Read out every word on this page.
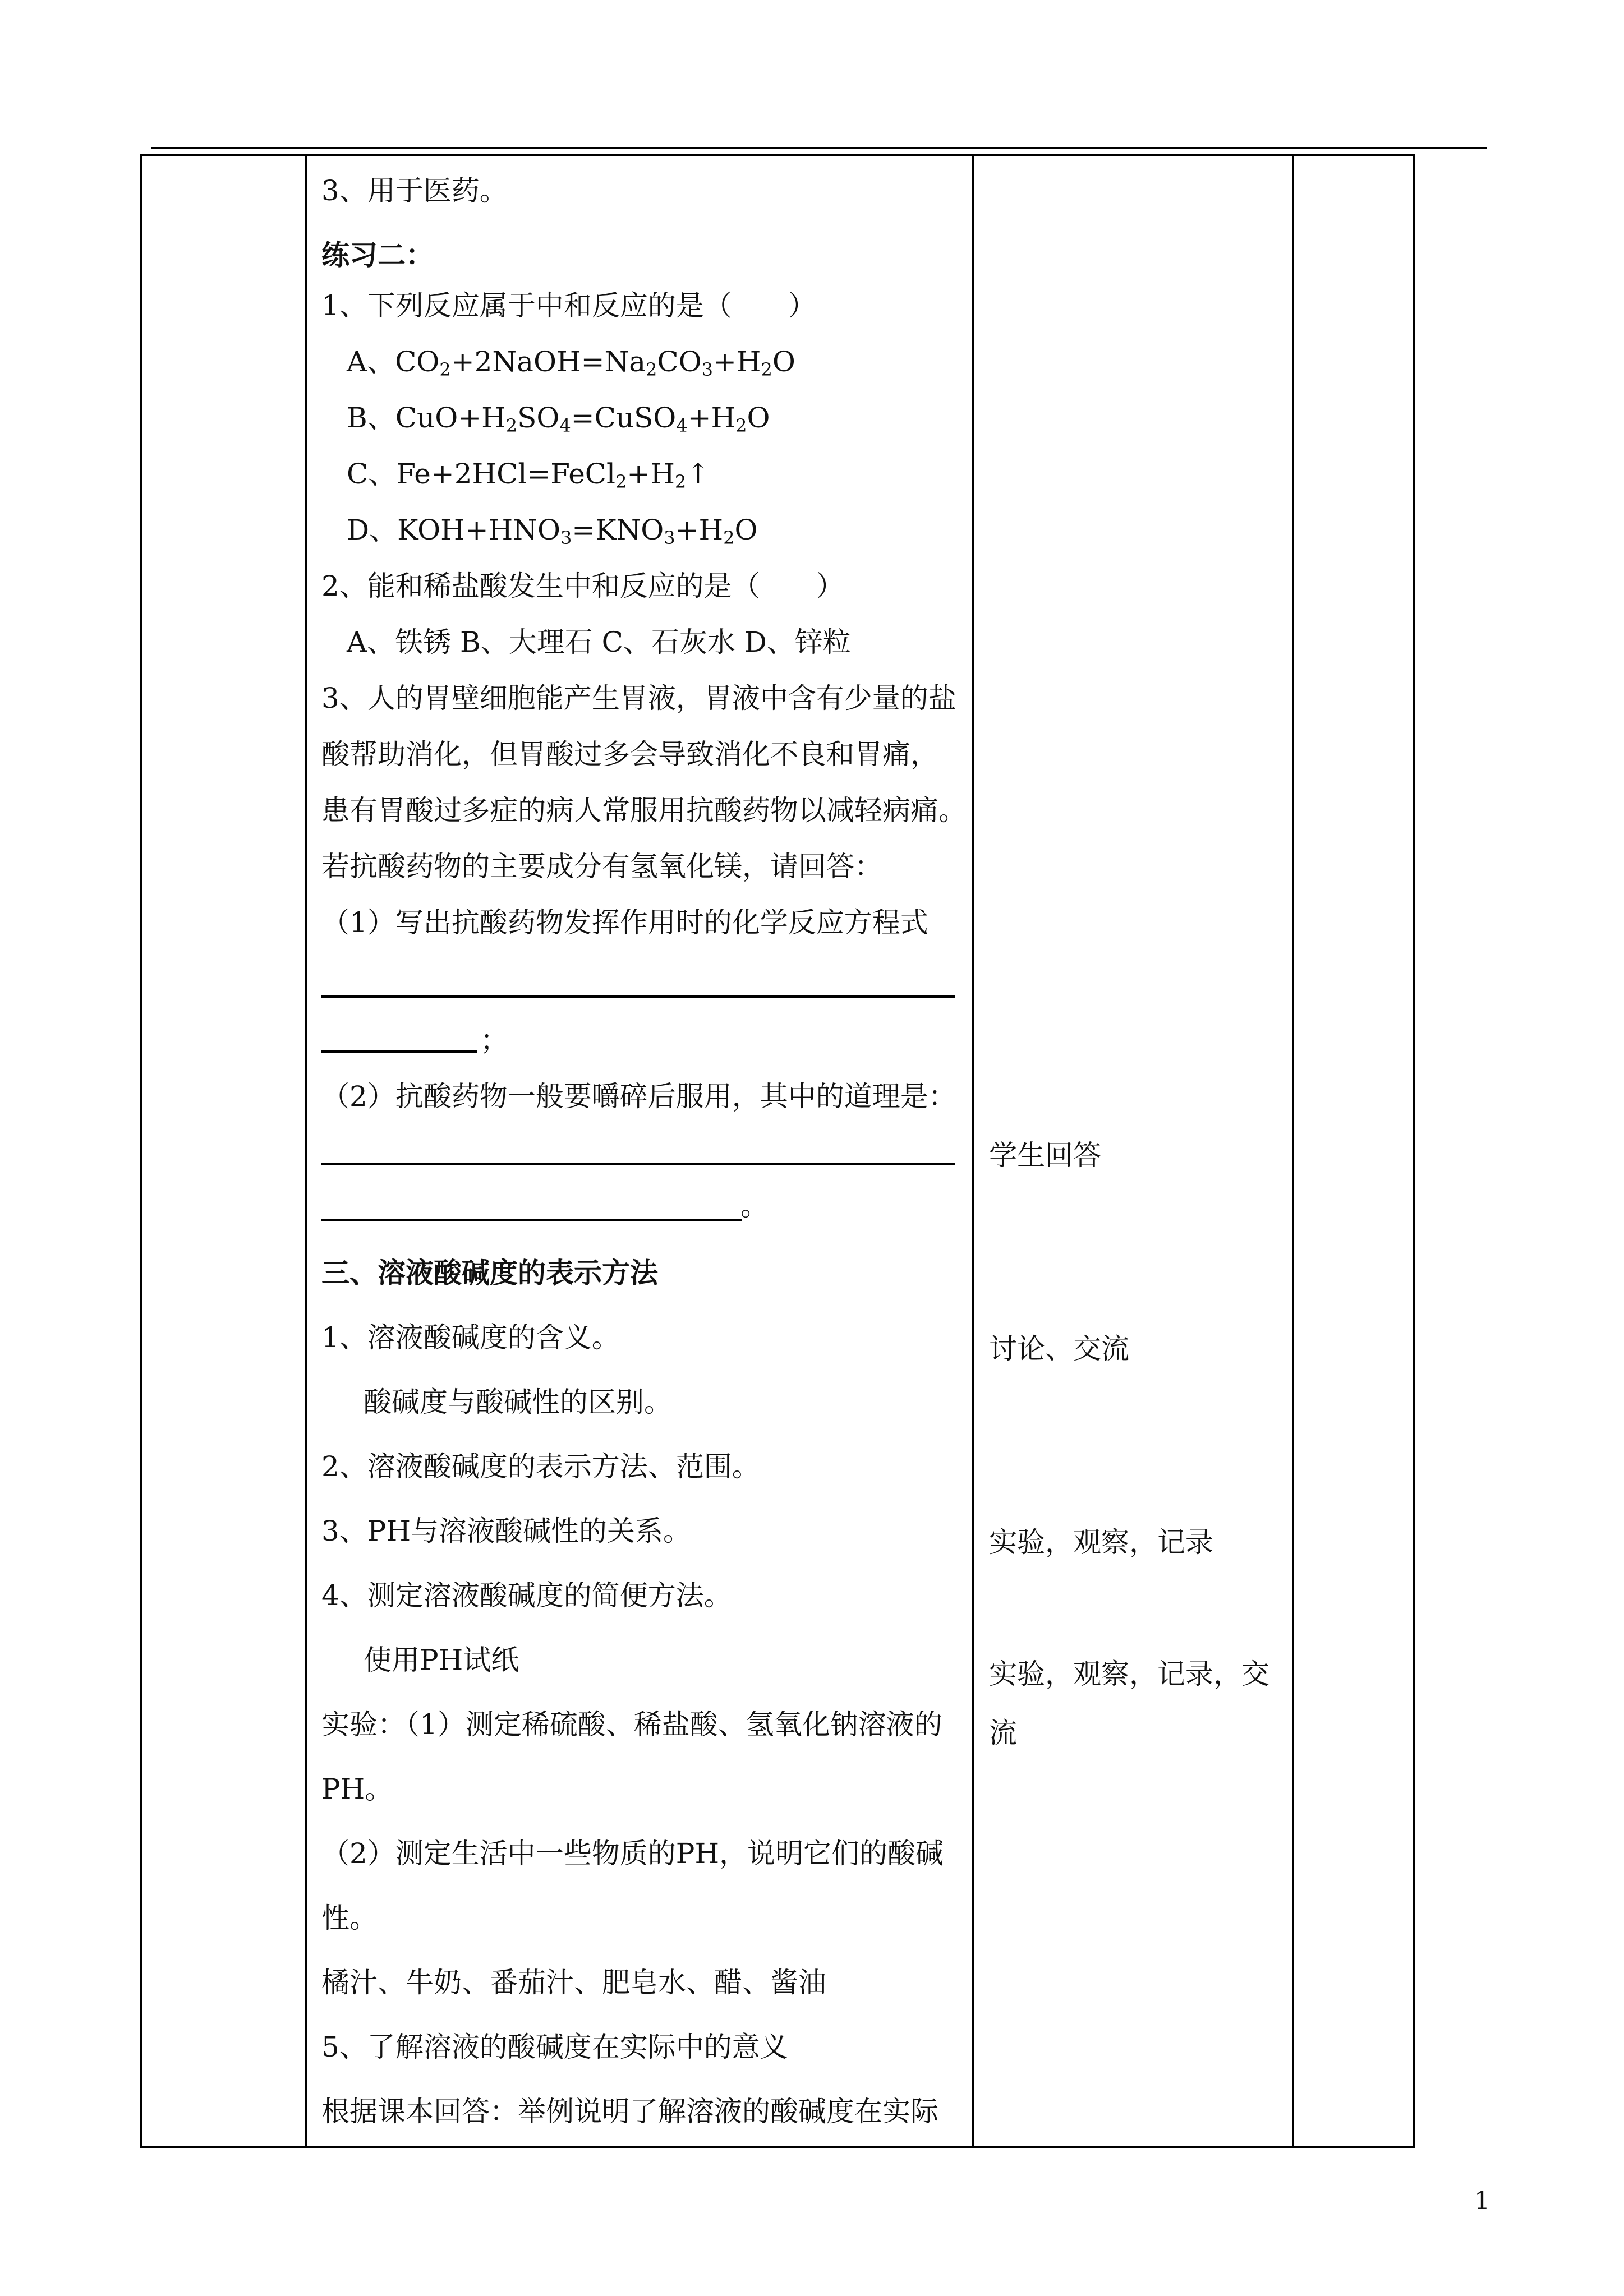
3、用于医药。
练习二：
1、下列反应属于中和反应的是（　　）
A、$CO_2+2NaOH=Na_2CO_3+H_2O$
B、$CuO+H_2SO_4=CuSO_4+H_2O$
C、$Fe+2HCl=FeCl_2+H_2↑$
D、$KOH+HNO_3=KNO_3+H_2O$
2、能和稀盐酸发生中和反应的是（　　）
A、铁锈 B、大理石 C、石灰水 D、锌粒
3、人的胃壁细胞能产生胃液，胃液中含有少量的盐
酸帮助消化，但胃酸过多会导致消化不良和胃痛，
患有胃酸过多症的病人常服用抗酸药物以减轻病痛。
若抗酸药物的主要成分有氢氧化镁，请回答：
（1）写出抗酸药物发挥作用时的化学反应方程式
；
（2）抗酸药物一般要嚼碎后服用，其中的道理是：
。
三、溶液酸碱度的表示方法
1、溶液酸碱度的含义。
酸碱度与酸碱性的区别。
2、溶液酸碱度的表示方法、范围。
3、PH与溶液酸碱性的关系。
4、测定溶液酸碱度的简便方法。
使用PH试纸
实验：（1）测定稀硫酸、稀盐酸、氢氧化钠溶液的
PH。
（2）测定生活中一些物质的PH，说明它们的酸碱
性。
橘汁、牛奶、番茄汁、肥皂水、醋、酱油
5、了解溶液的酸碱度在实际中的意义
根据课本回答：举例说明了解溶液的酸碱度在实际
学生回答
讨论、交流
实验，观察，记录
实验，观察，记录，交
流
1
